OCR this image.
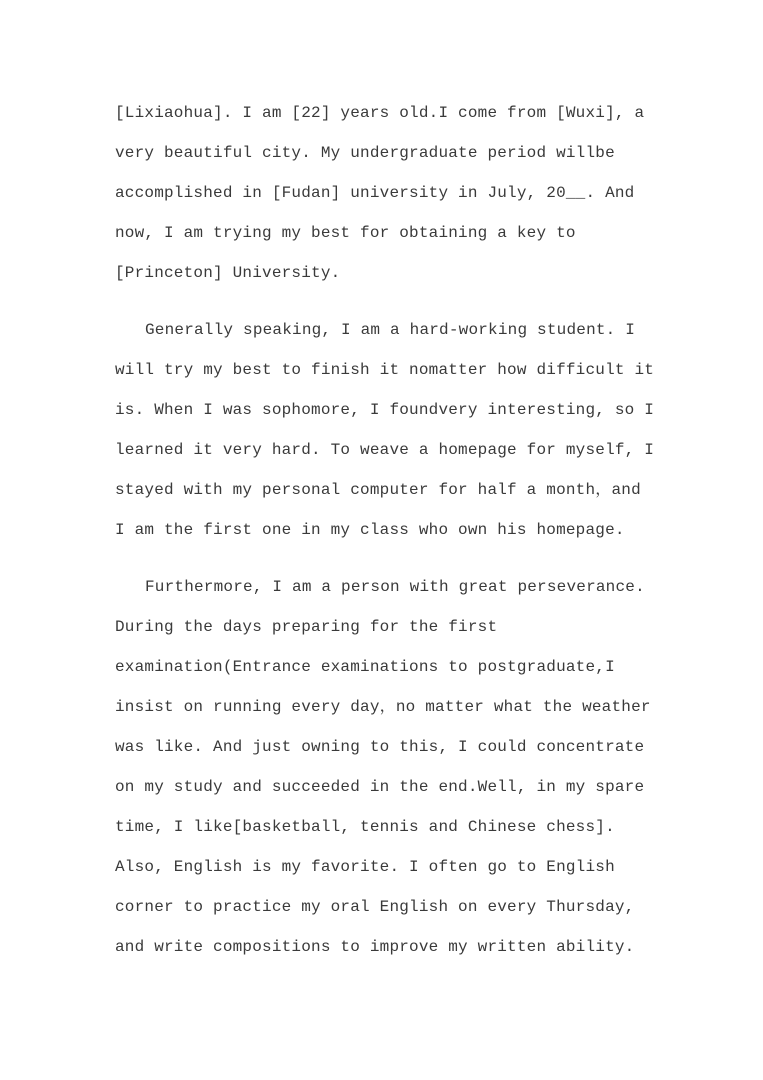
[Lixiaohua]. I am [22] years old.I come from [Wuxi], a
very beautiful city. My undergraduate period willbe
accomplished in [Fudan] university in July, 20__. And
now, I am trying my best for obtaining a key to
[Princeton] University.
Generally speaking, I am a hard-working student. I
will try my best to finish it nomatter how difficult it
is. When I was sophomore, I foundvery interesting, so I
learned it very hard. To weave a homepage for myself, I
stayed with my personal computer for half a month，and
I am the first one in my class who own his homepage.
Furthermore, I am a person with great perseverance.
During the days preparing for the first
examination(Entrance examinations to postgraduate,I
insist on running every day，no matter what the weather
was like. And just owning to this, I could concentrate
on my study and succeeded in the end.Well, in my spare
time, I like[basketball, tennis and Chinese chess].
Also, English is my favorite. I often go to English
corner to practice my oral English on every Thursday,
and write compositions to improve my written ability.
